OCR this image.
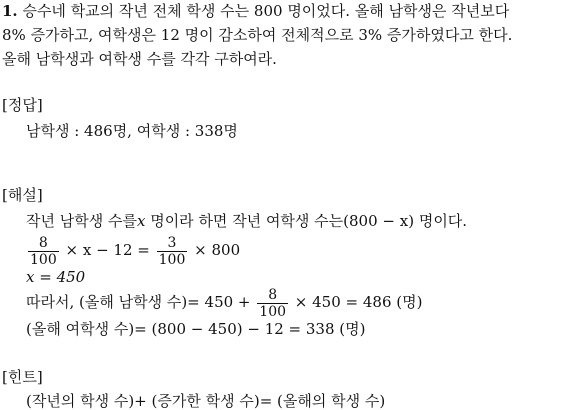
1. 승수네 학교의 작년 전체 학생 수는 800 명이었다. 올해 남학생은 작년보다
8% 증가하고, 여학생은 12 명이 감소하여 전체적으로 3% 증가하였다고 한다.
올해 남학생과 여학생 수를 각각 구하여라.
[정답]
남학생 : 486명, 여학생 : 338명
[해설]
작년 남학생 수를x 명이라 하면 작년 여학생 수는(800 − x) 명이다.
$\frac{8}{100} \times x - 12 = \frac{3}{100} \times 800$
x = 450
따라서, (올해 남학생 수)= $450 + \frac{8}{100} \times 450 = 486$ (명)
(올해 여학생 수)= (800 − 450) − 12 = 338 (명)
[힌트]
(작년의 학생 수)+ (증가한 학생 수)= (올해의 학생 수)
